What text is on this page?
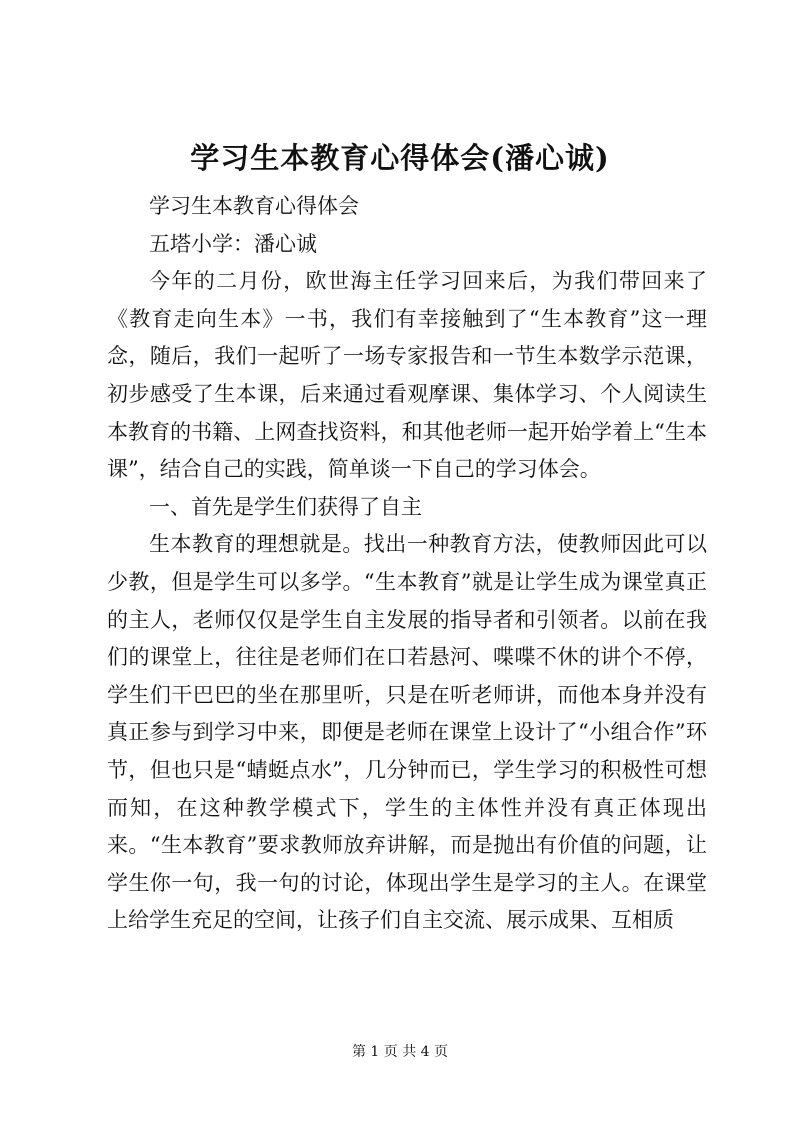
学习生本教育心得体会(潘心诚)

学习生本教育心得体会

五塔小学：潘心诚

今年的二月份，欧世海主任学习回来后，为我们带回来了《教育走向生本》一书，我们有幸接触到了“生本教育”这一理念，随后，我们一起听了一场专家报告和一节生本数学示范课，初步感受了生本课，后来通过看观摩课、集体学习、个人阅读生本教育的书籍、上网查找资料，和其他老师一起开始学着上“生本课”，结合自己的实践，简单谈一下自己的学习体会。

一、首先是学生们获得了自主

生本教育的理想就是。找出一种教育方法，使教师因此可以少教，但是学生可以多学。“生本教育”就是让学生成为课堂真正的主人，老师仅仅是学生自主发展的指导者和引领者。以前在我们的课堂上，往往是老师们在口若悬河、喋喋不休的讲个不停，学生们干巴巴的坐在那里听，只是在听老师讲，而他本身并没有真正参与到学习中来，即便是老师在课堂上设计了“小组合作”环节，但也只是“蜻蜓点水”，几分钟而已，学生学习的积极性可想而知，在这种教学模式下，学生的主体性并没有真正体现出来。“生本教育”要求教师放弃讲解，而是抛出有价值的问题，让学生你一句，我一句的讨论，体现出学生是学习的主人。在课堂上给学生充足的空间，让孩子们自主交流、展示成果、互相质

第 1 页 共 4 页
